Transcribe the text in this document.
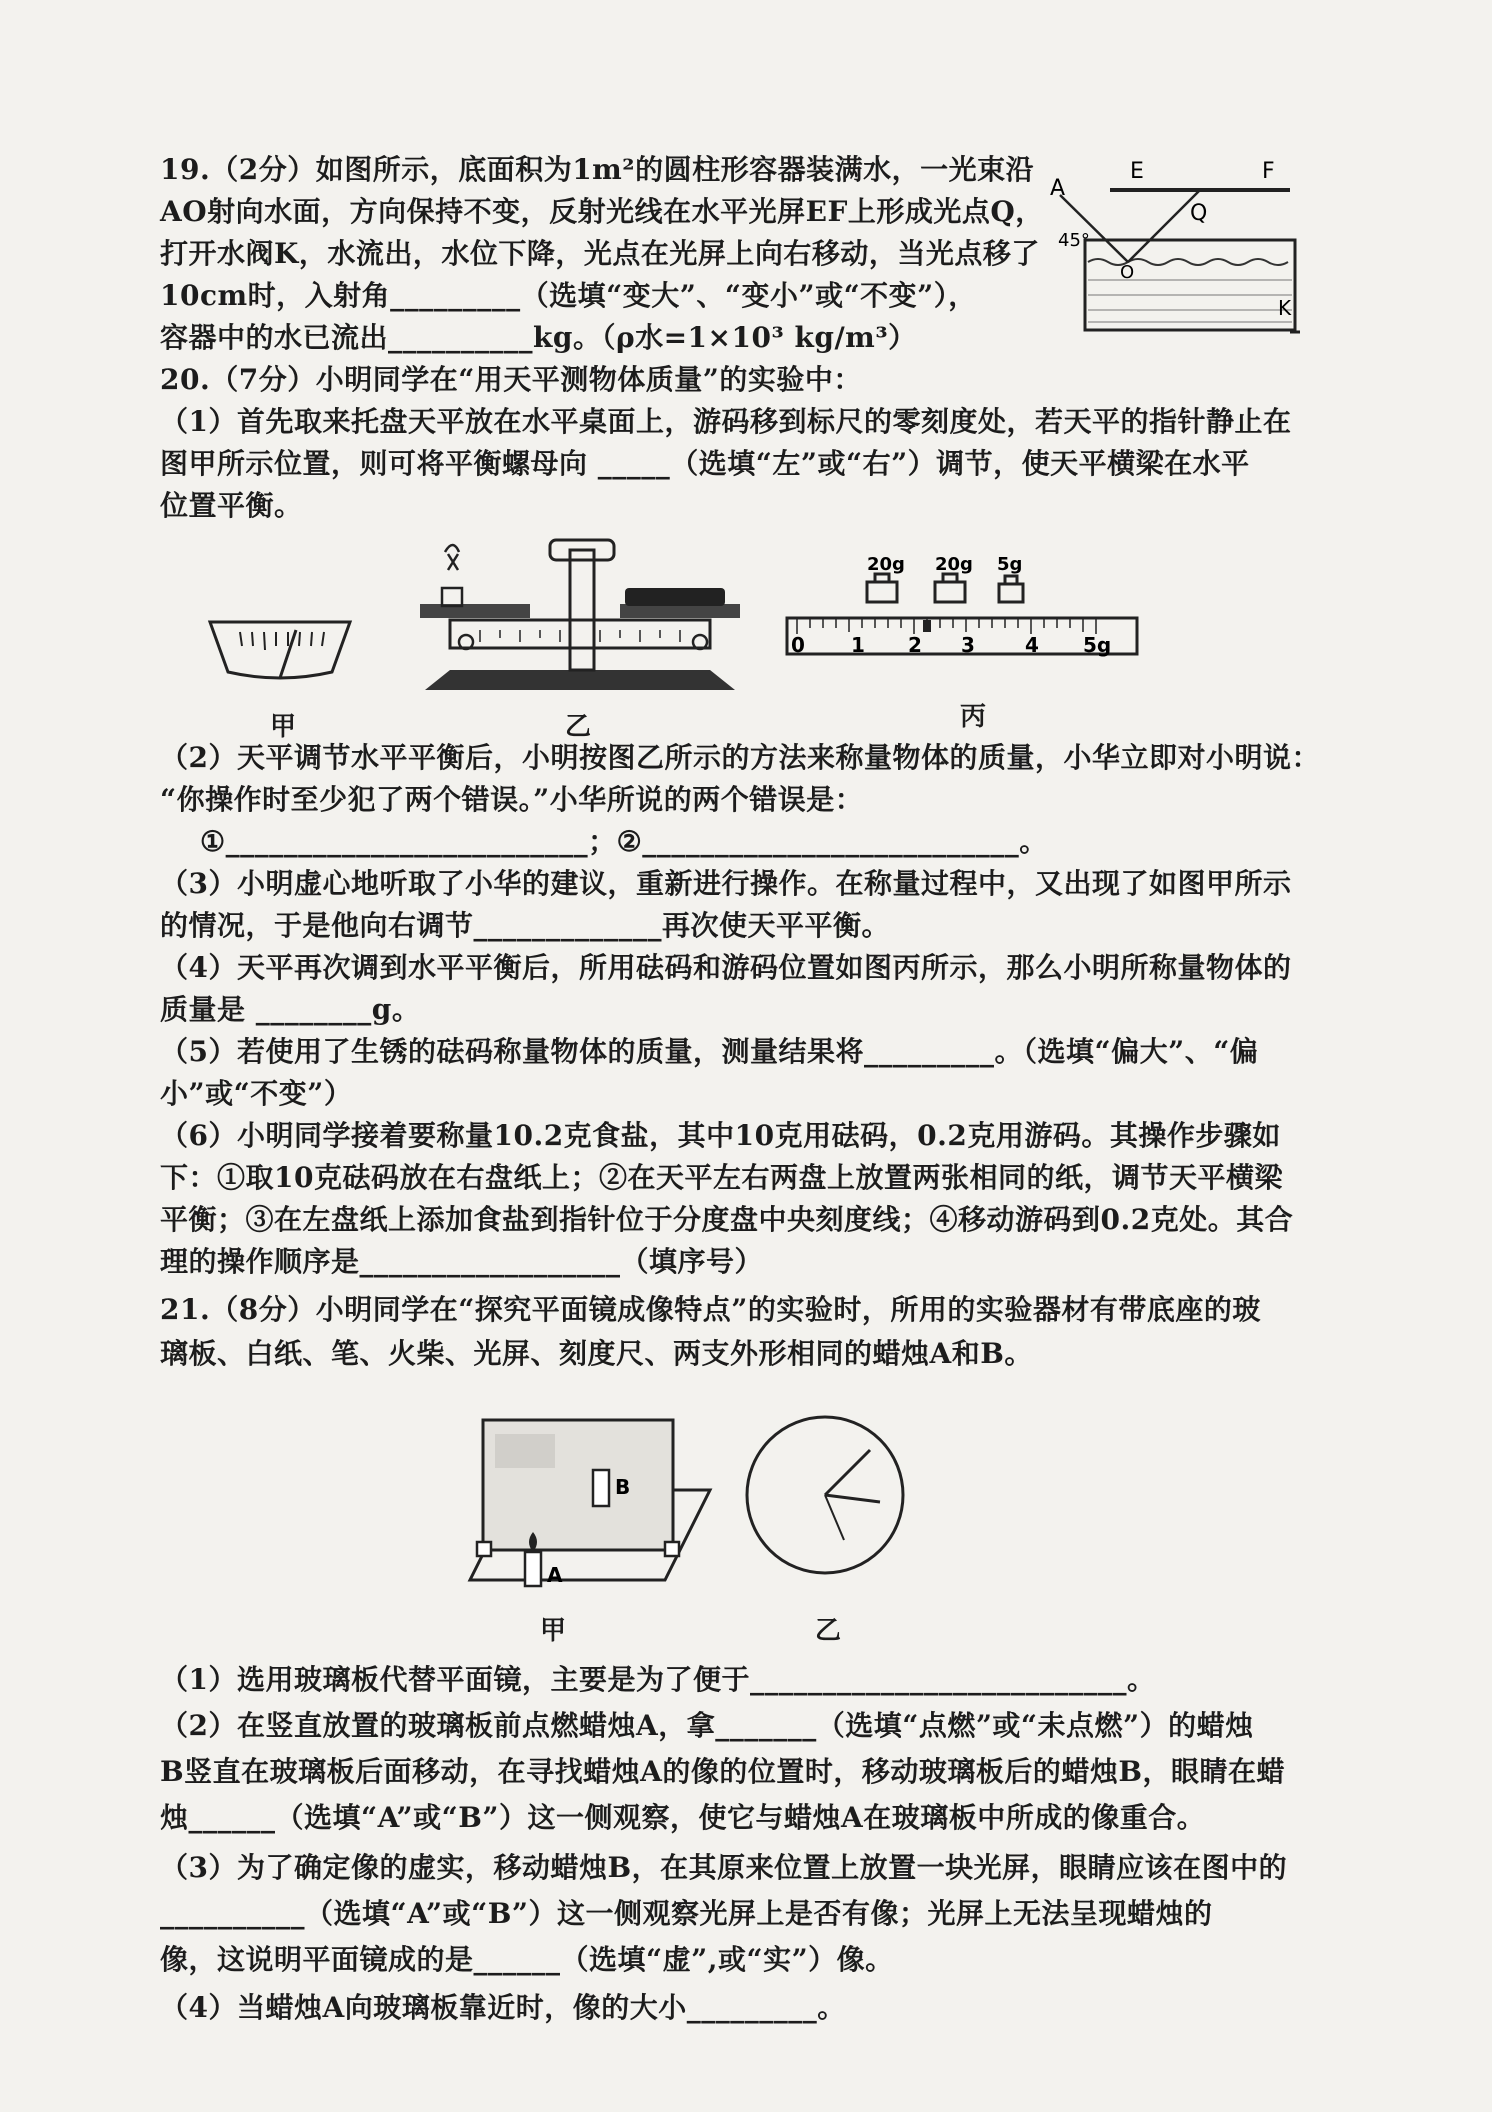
19.（2分）如图所示，底面积为1m²的圆柱形容器装满水，一光束沿
AO射向水面，方向保持不变，反射光线在水平光屏EF上形成光点Q，
打开水阀K，水流出，水位下降，光点在光屏上向右移动，当光点移了
10cm时，入射角_________（选填“变大”、“变小”或“不变”），
容器中的水已流出__________kg。（ρ水=1×10³ kg/m³）
E	F
A
Q
45°
O
K
20.（7分）小明同学在“用天平测物体质量”的实验中：
（1）首先取来托盘天平放在水平桌面上，游码移到标尺的零刻度处，若天平的指针静止在
图甲所示位置，则可将平衡螺母向 _____（选填“左”或“右”）调节，使天平横梁在水平
位置平衡。
20g 20g 5g
0 1 2 3	4 5g
甲	乙	丙
（2）天平调节水平平衡后，小明按图乙所示的方法来称量物体的质量，小华立即对小明说：
“你操作时至少犯了两个错误。”小华所说的两个错误是：
①_________________________；②__________________________。
（3）小明虚心地听取了小华的建议，重新进行操作。在称量过程中，又出现了如图甲所示
的情况，于是他向右调节_____________再次使天平平衡。
（4）天平再次调到水平平衡后，所用砝码和游码位置如图丙所示，那么小明所称量物体的
质量是 ________g。
（5）若使用了生锈的砝码称量物体的质量，测量结果将_________。（选填“偏大”、“偏
小”或“不变”）
（6）小明同学接着要称量10.2克食盐，其中10克用砝码，0.2克用游码。其操作步骤如
下：①取10克砝码放在右盘纸上；②在天平左右两盘上放置两张相同的纸，调节天平横梁
平衡；③在左盘纸上添加食盐到指针位于分度盘中央刻度线；④移动游码到0.2克处。其合
理的操作顺序是__________________（填序号）
21.（8分）小明同学在“探究平面镜成像特点”的实验时，所用的实验器材有带底座的玻
璃板、白纸、笔、火柴、光屏、刻度尺、两支外形相同的蜡烛A和B。
B
A
甲	乙
（1）选用玻璃板代替平面镜，主要是为了便于__________________________。
（2）在竖直放置的玻璃板前点燃蜡烛A，拿_______（选填“点燃”或“未点燃”）的蜡烛
B竖直在玻璃板后面移动，在寻找蜡烛A的像的位置时，移动玻璃板后的蜡烛B，眼睛在蜡
烛______（选填“A”或“B”）这一侧观察，使它与蜡烛A在玻璃板中所成的像重合。
（3）为了确定像的虚实，移动蜡烛B，在其原来位置上放置一块光屏，眼睛应该在图中的
__________（选填“A”或“B”）这一侧观察光屏上是否有像；光屏上无法呈现蜡烛的
像，这说明平面镜成的是______（选填“虚”,或“实”）像。
（4）当蜡烛A向玻璃板靠近时，像的大小_________。
